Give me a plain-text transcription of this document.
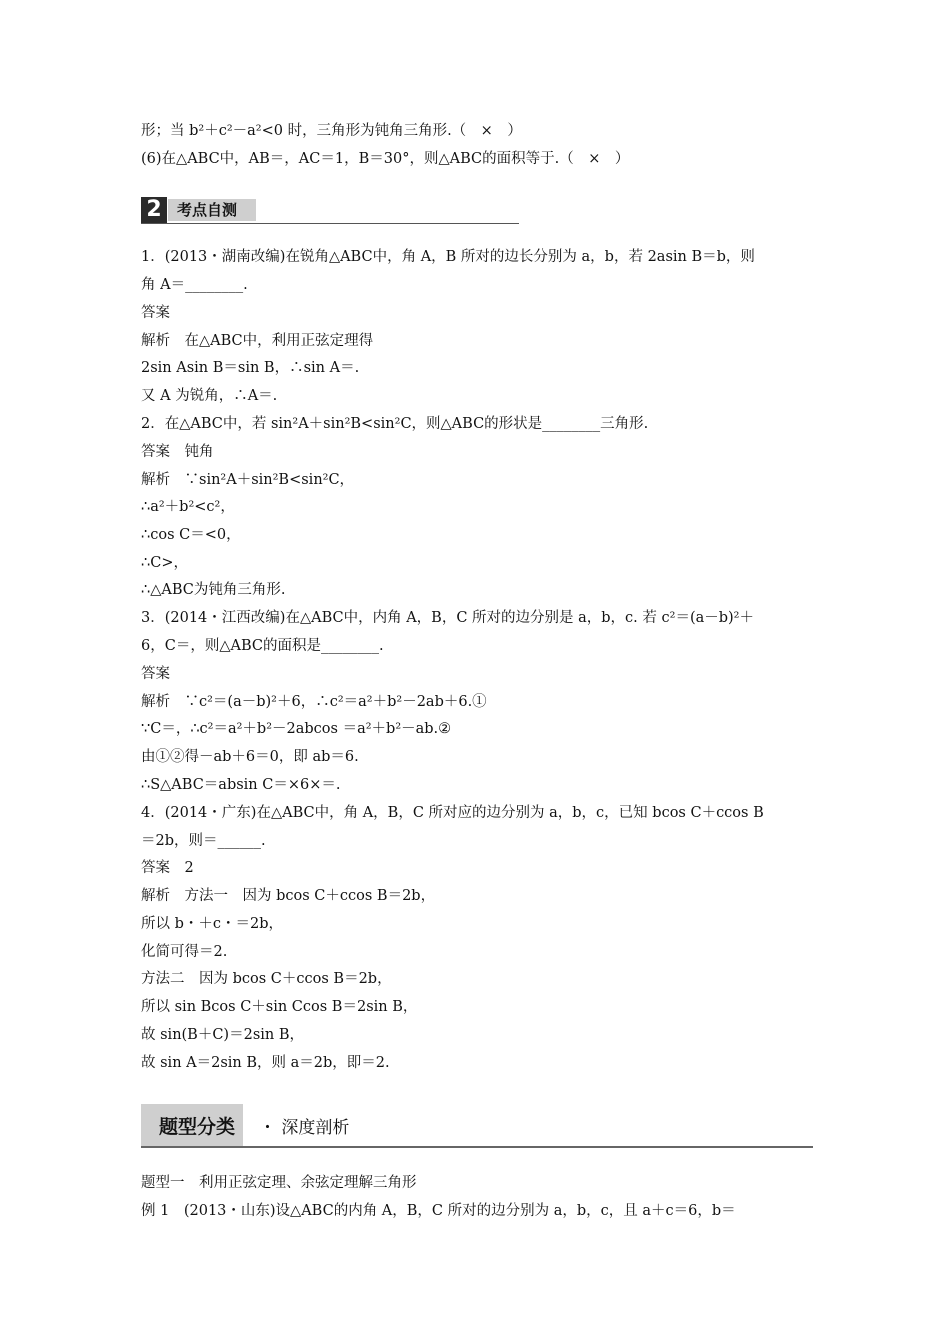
形；当 b²＋c²－a²<0 时，三角形为钝角三角形.（　×　）
(6)在△ABC中，AB＝，AC＝1，B＝30°，则△ABC的面积等于.（　×　）
2	考点自测
1．(2013・湖南改编)在锐角△ABC中，角 A，B 所对的边长分别为 a，b，若 2asin B＝b，则
角 A＝________.
答案
解析　在△ABC中，利用正弦定理得
2sin Asin B＝sin B，∴sin A＝.
又 A 为锐角，∴A＝.
2．在△ABC中，若 sin²A＋sin²B<sin²C，则△ABC的形状是________三角形.
答案　钝角
解析　∵sin²A＋sin²B<sin²C，
∴a²＋b²<c²，
∴cos C＝<0，
∴C>，
∴△ABC为钝角三角形.
3．(2014・江西改编)在△ABC中，内角 A，B，C 所对的边分别是 a，b，c. 若 c²＝(a－b)²＋
6，C＝，则△ABC的面积是________.
答案
解析　∵c²＝(a－b)²＋6，∴c²＝a²＋b²－2ab＋6.①
∵C＝，∴c²＝a²＋b²－2abcos ＝a²＋b²－ab.②
由①②得－ab＋6＝0，即 ab＝6.
∴S△ABC＝absin C＝×6×＝.
4．(2014・广东)在△ABC中，角 A，B，C 所对应的边分别为 a，b，c，已知 bcos C＋ccos B
＝2b，则＝______.
答案　2
解析　方法一　因为 bcos C＋ccos B＝2b，
所以 b・＋c・＝2b，
化简可得＝2.
方法二　因为 bcos C＋ccos B＝2b，
所以 sin Bcos C＋sin Ccos B＝2sin B，
故 sin(B＋C)＝2sin B，
故 sin A＝2sin B，则 a＝2b，即＝2.
题型分类 ・ 深度剖析
题型一　利用正弦定理、余弦定理解三角形
例 1　(2013・山东)设△ABC的内角 A，B，C 所对的边分别为 a，b，c，且 a＋c＝6，b＝
